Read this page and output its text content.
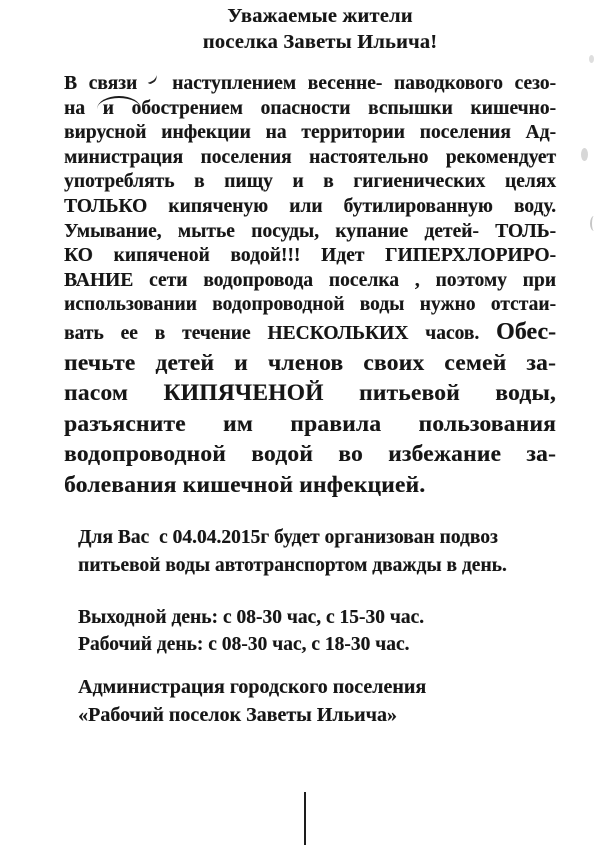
Уважаемые жители
поселка Заветы Ильича!
В связи   наступлением весенне- паводкового сезо-
на и обострением опасности вспышки кишечно-
вирусной инфекции на территории поселения Ад-
министрация поселения настоятельно рекомендует
употреблять в пищу и в гигиенических целях
ТОЛЬКО кипяченую или бутилированную воду.
Умывание, мытье посуды, купание детей- ТОЛЬ-
КО кипяченой водой!!! Идет ГИПЕРХЛОРИРО-
ВАНИЕ сети водопровода поселка , поэтому при
использовании водопроводной воды нужно отстаи-
вать ее в течение НЕСКОЛЬКИХ часов. Обес-
печьте детей и членов своих семей за-
пасом КИПЯЧЕНОЙ питьевой воды,
разъясните им правила пользования
водопроводной водой во избежание за-
болевания кишечной инфекцией.
Для Вас  с 04.04.2015г будет организован подвоз
питьевой воды автотранспортом дважды в день.
Выходной день: с 08-30 час, с 15-30 час.
Рабочий день: с 08-30 час, с 18-30 час.
Администрация городского поселения
«Рабочий поселок Заветы Ильича»
